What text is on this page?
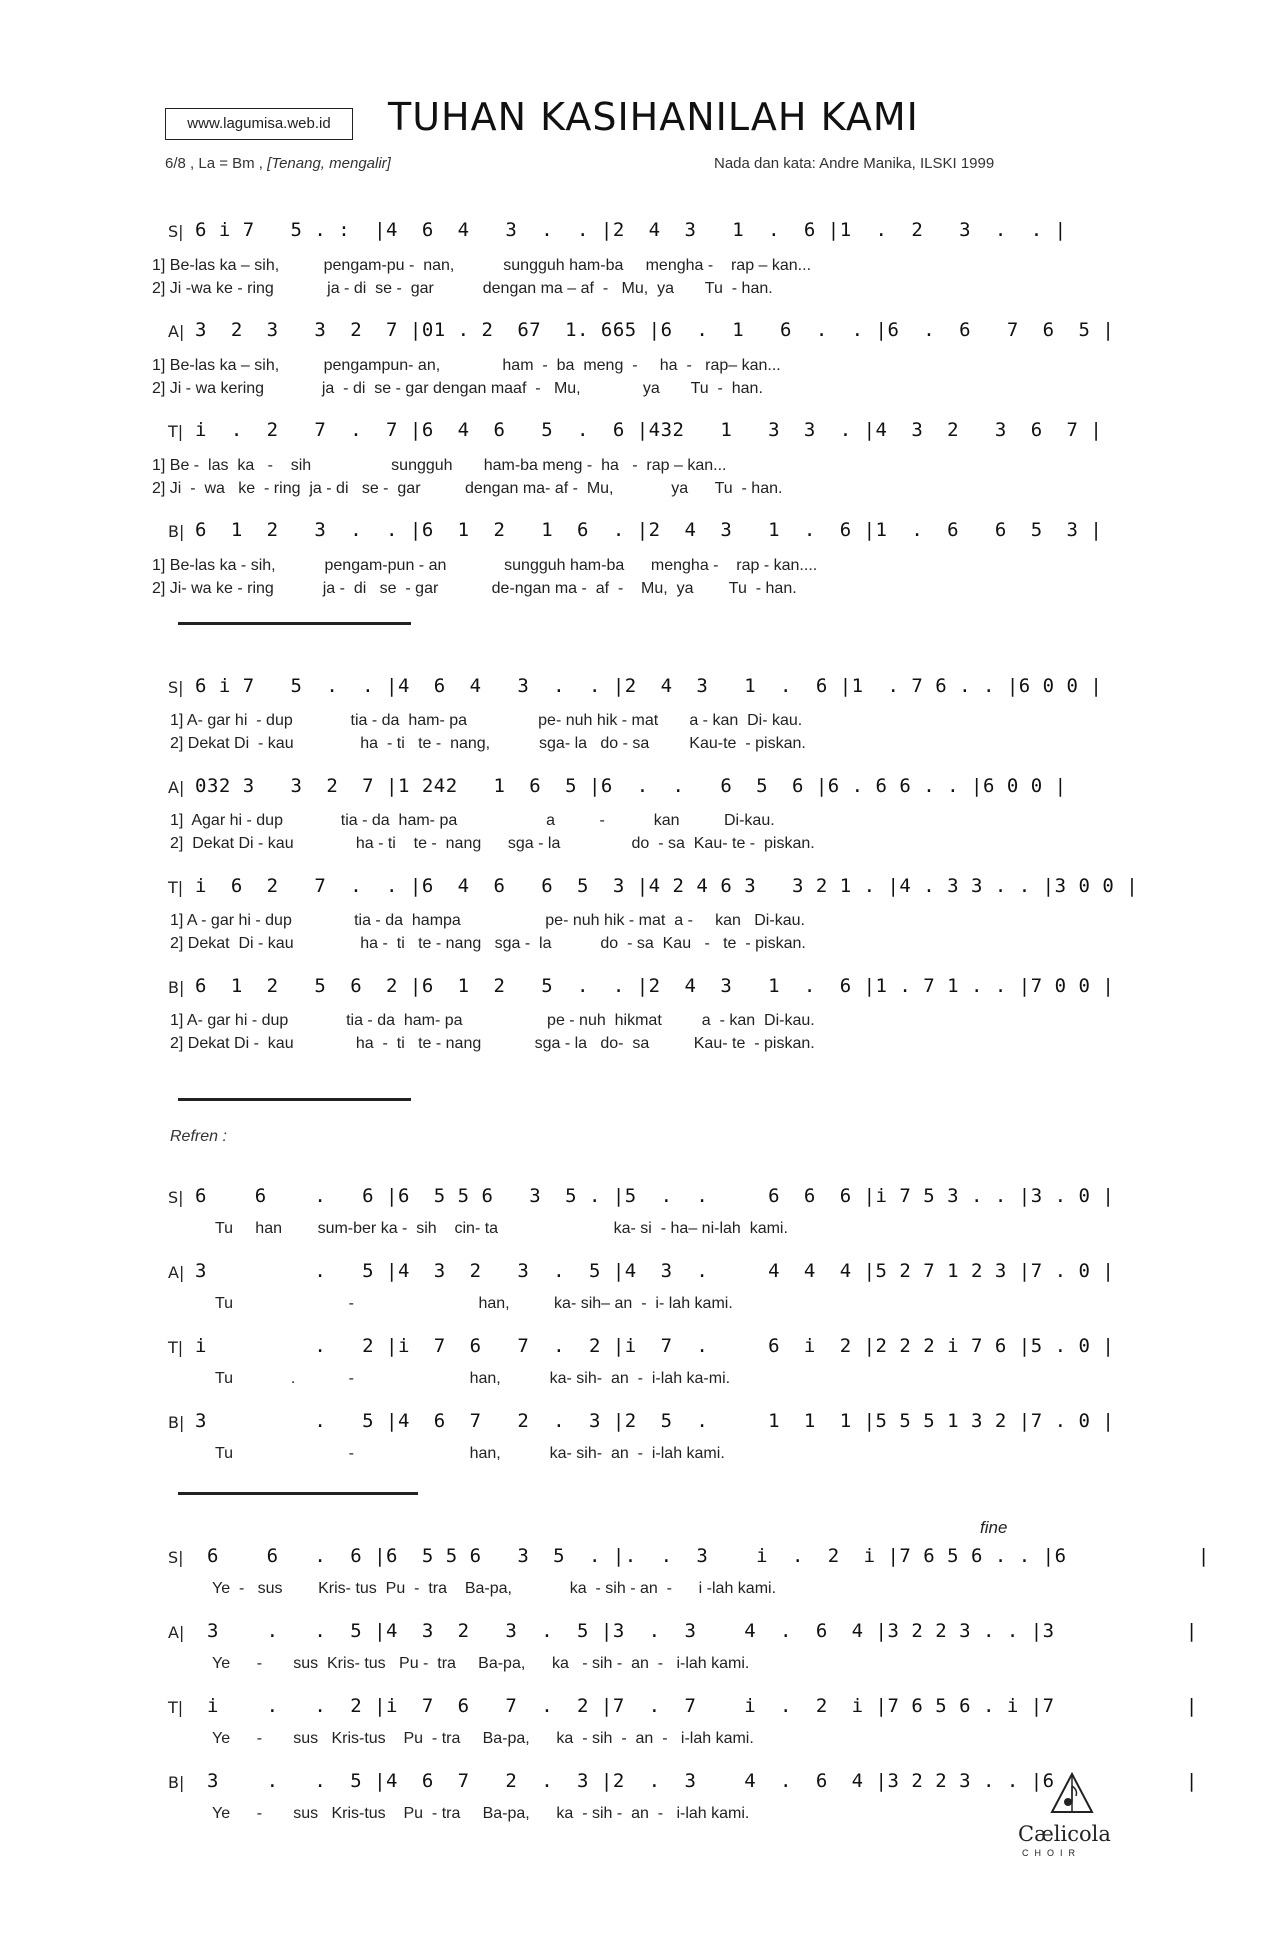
www.lagumisa.web.id	TUHAN KASIHANILAH KAMI
6/8 , La = Bm , [Tenang, mengalir]	Nada dan kata: Andre Manika, ILSKI 1999
S| 6 i 7   5 . :  |4  6  4   3  .  . |2  4  3   1  .  6 |1  .  2   3  .  . |
1] Be-las ka – sih,          pengam-pu -  nan,           sungguh ham-ba     mengha -    rap – kan...
2] Ji -wa ke - ring            ja - di  se -  gar           dengan ma – af  -   Mu,  ya       Tu  - han.
A| 3  2  3   3  2  7 |01 . 2  67  1. 665 |6  .  1   6  .  . |6  .  6   7  6  5 |
1] Be-las ka – sih,          pengampun- an,              ham  -  ba  meng  -     ha  -   rap– kan...
2] Ji - wa kering             ja  - di  se - gar dengan maaf  -   Mu,              ya       Tu  -  han.
T| i  .  2   7  .  7 |6  4  6   5  .  6 |432   1   3  3  . |4  3  2   3  6  7 |
1] Be -  las  ka   -    sih                  sungguh       ham-ba meng -  ha   -  rap – kan...
2] Ji  -  wa   ke  - ring  ja - di   se -  gar          dengan ma- af -  Mu,             ya      Tu  - han.
B| 6  1  2   3  .  . |6  1  2   1  6  . |2  4  3   1  .  6 |1  .  6   6  5  3 |
1] Be-las ka - sih,           pengam-pun - an             sungguh ham-ba      mengha -    rap - kan....
2] Ji- wa ke - ring           ja -  di   se  - gar            de-ngan ma -  af  -    Mu,  ya        Tu  - han.
S| 6 i 7   5  .  . |4  6  4   3  .  . |2  4  3   1  .  6 |1  . 7 6 . . |6 0 0 |
1] A- gar hi  - dup             tia - da  ham- pa                pe- nuh hik - mat       a - kan  Di- kau.
2] Dekat Di  - kau               ha  - ti   te -  nang,           sga- la   do - sa         Kau-te  - piskan.
A| 032 3   3  2  7 |1 242   1  6  5 |6  .  .   6  5  6 |6 . 6 6 . . |6 0 0 |
1]  Agar hi - dup             tia - da  ham- pa                    a          -           kan          Di-kau.
2]  Dekat Di - kau              ha - ti    te -  nang      sga - la                do  - sa  Kau- te -  piskan.
T| i  6  2   7  .  . |6  4  6   6  5  3 |4 2 4 6 3   3 2 1 . |4 . 3 3 . . |3 0 0 |
1] A - gar hi - dup              tia - da  hampa                   pe- nuh hik - mat  a -     kan   Di-kau.
2] Dekat  Di - kau               ha -  ti   te - nang   sga -  la           do  - sa  Kau   -   te  - piskan.
B| 6  1  2   5  6  2 |6  1  2   5  .  . |2  4  3   1  .  6 |1 . 7 1 . . |7 0 0 |
1] A- gar hi - dup             tia - da  ham- pa                   pe - nuh  hikmat         a  - kan  Di-kau.
2] Dekat Di -  kau              ha  -  ti   te - nang            sga - la   do-  sa          Kau- te  - piskan.
Refren :
S| 6    6    .   6 |6  5 5 6   3  5 . |5  .  .     6  6  6 |i 7 5 3 . . |3 . 0 |
Tu     han        sum-ber ka -  sih    cin- ta                          ka- si  - ha– ni-lah  kami.
A| 3         .   5 |4  3  2   3  .  5 |4  3  .     4  4  4 |5 2 7 1 2 3 |7 . 0 |
Tu                          -                            han,          ka- sih– an  -  i- lah kami.
T| i         .   2 |i  7  6   7  .  2 |i  7  .     6  i  2 |2 2 2 i 7 6 |5 . 0 |
Tu             .            -                          han,           ka- sih-  an  -  i-lah ka-mi.
B| 3         .   5 |4  6  7   2  .  3 |2  5  .     1  1  1 |5 5 5 1 3 2 |7 . 0 |
Tu                          -                          han,           ka- sih-  an  -  i-lah kami.
fine
S| 6    6   .  6 |6  5 5 6   3  5  . |.  .  3    i  .  2  i |7 6 5 6 . . |6           |
Ye  -   sus        Kris- tus  Pu  -  tra    Ba-pa,             ka  - sih - an  -      i -lah kami.
A| 3    .   .  5 |4  3  2   3  .  5 |3  .  3    4  .  6  4 |3 2 2 3 . . |3           |
Ye      -       sus  Kris- tus   Pu -  tra     Ba-pa,      ka   - sih -  an  -   i-lah kami.
T| i    .   .  2 |i  7  6   7  .  2 |7  .  7    i  .  2  i |7 6 5 6 . i |7           |
Ye      -       sus   Kris-tus    Pu  - tra     Ba-pa,      ka  - sih  -  an  -   i-lah kami.
B| 3    .   .  5 |4  6  7   2  .  3 |2  .  3    4  .  6  4 |3 2 2 3 . . |6           |
Ye      -       sus   Kris-tus    Pu  - tra     Ba-pa,      ka  - sih -  an  -   i-lah kami.
Cælicola
CHOIR
